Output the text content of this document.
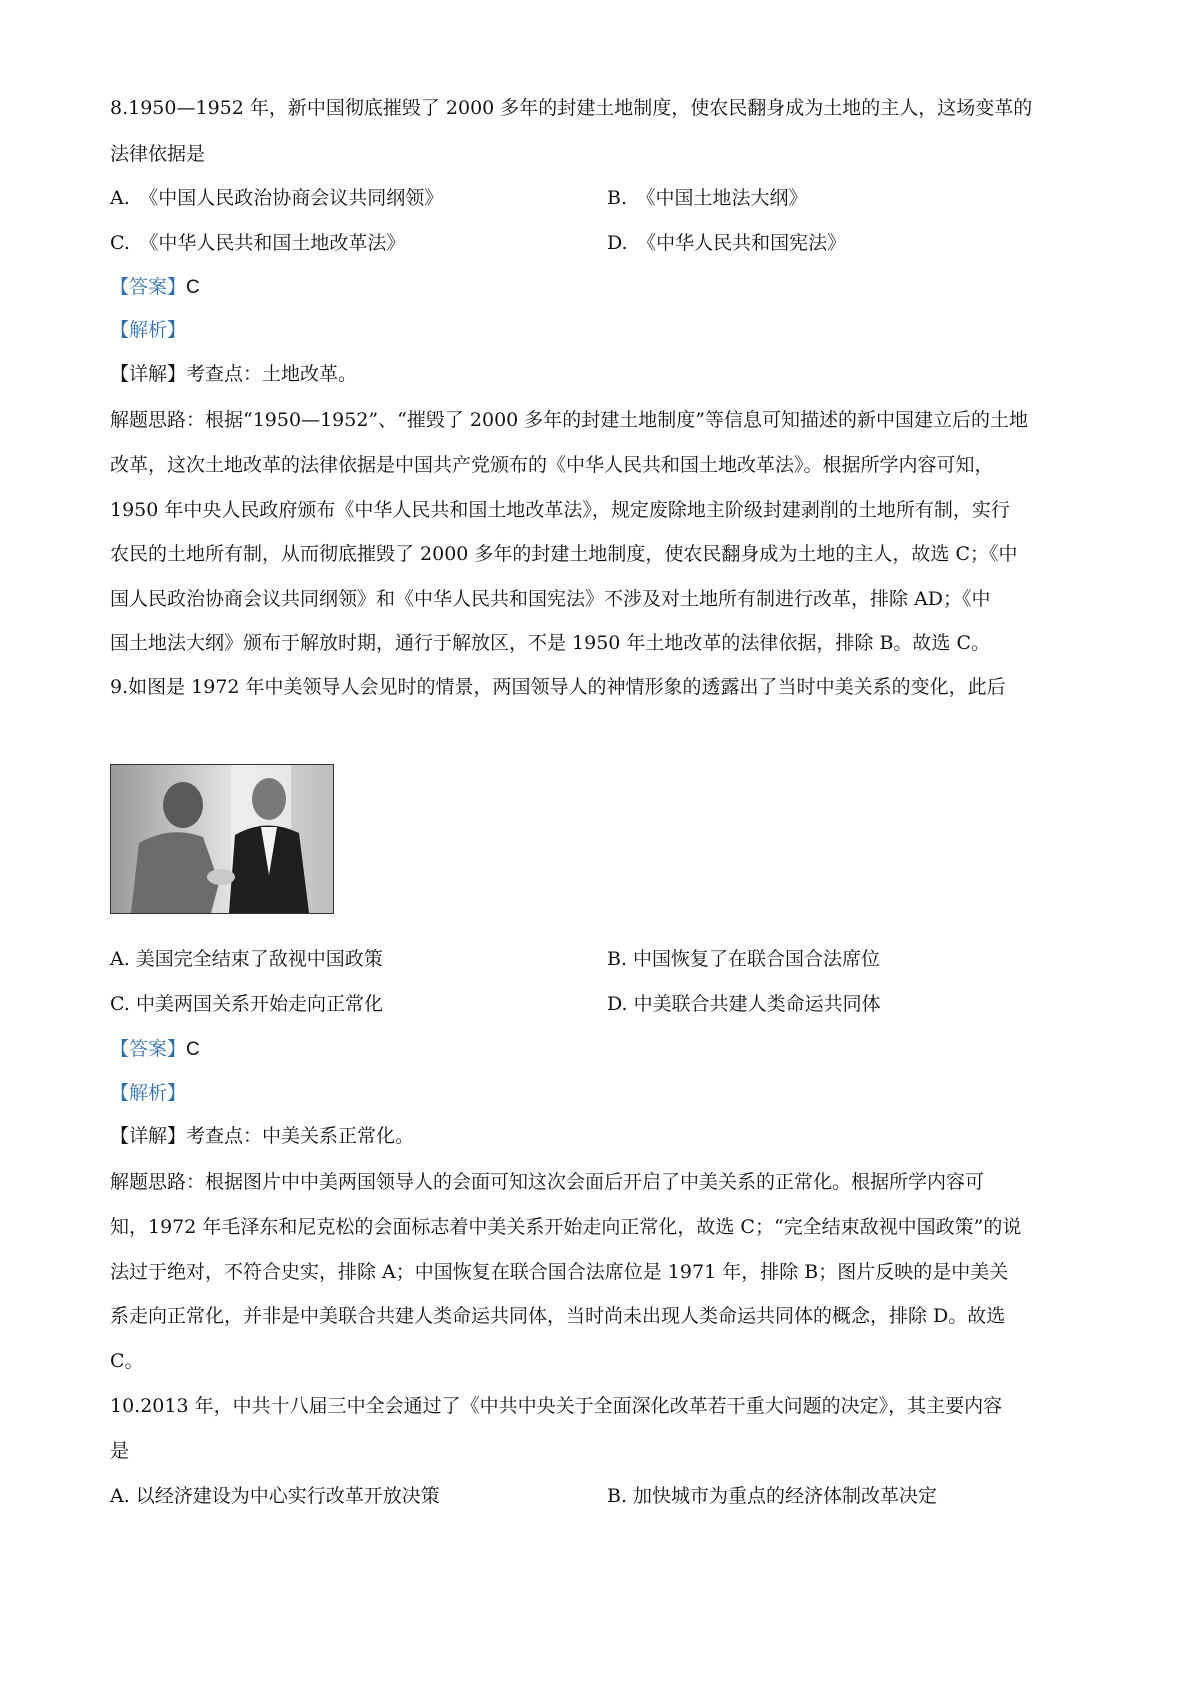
8.1950—1952 年，新中国彻底摧毁了 2000 多年的封建土地制度，使农民翻身成为土地的主人，这场变革的
法律依据是
A.　《中国人民政治协商会议共同纲领》	B.　《中国土地法大纲》
C.　《中华人民共和国土地改革法》	D.　《中华人民共和国宪法》
【答案】C
【解析】
【详解】考查点：土地改革。
解题思路：根据“1950—1952”、“摧毁了 2000 多年的封建土地制度”等信息可知描述的新中国建立后的土地
改革，这次土地改革的法律依据是中国共产党颁布的《中华人民共和国土地改革法》。根据所学内容可知，
1950 年中央人民政府颁布《中华人民共和国土地改革法》，规定废除地主阶级封建剥削的土地所有制，实行
农民的土地所有制，从而彻底摧毁了 2000 多年的封建土地制度，使农民翻身成为土地的主人，故选 C；《中
国人民政治协商会议共同纲领》和《中华人民共和国宪法》不涉及对土地所有制进行改革，排除 AD；《中
国土地法大纲》颁布于解放时期，通行于解放区，不是 1950 年土地改革的法律依据，排除 B。故选 C。
9.如图是 1972 年中美领导人会见时的情景，两国领导人的神情形象的透露出了当时中美关系的变化，此后
A. 美国完全结束了敌视中国政策	B. 中国恢复了在联合国合法席位
C. 中美两国关系开始走向正常化	D. 中美联合共建人类命运共同体
【答案】C
【解析】
【详解】考查点：中美关系正常化。
解题思路：根据图片中中美两国领导人的会面可知这次会面后开启了中美关系的正常化。根据所学内容可
知，1972 年毛泽东和尼克松的会面标志着中美关系开始走向正常化，故选 C；“完全结束敌视中国政策”的说
法过于绝对，不符合史实，排除 A；中国恢复在联合国合法席位是 1971 年，排除 B；图片反映的是中美关
系走向正常化，并非是中美联合共建人类命运共同体，当时尚未出现人类命运共同体的概念，排除 D。故选
C。
10.2013 年，中共十八届三中全会通过了《中共中央关于全面深化改革若干重大问题的决定》，其主要内容
是
A. 以经济建设为中心实行改革开放决策	B. 加快城市为重点的经济体制改革决定
